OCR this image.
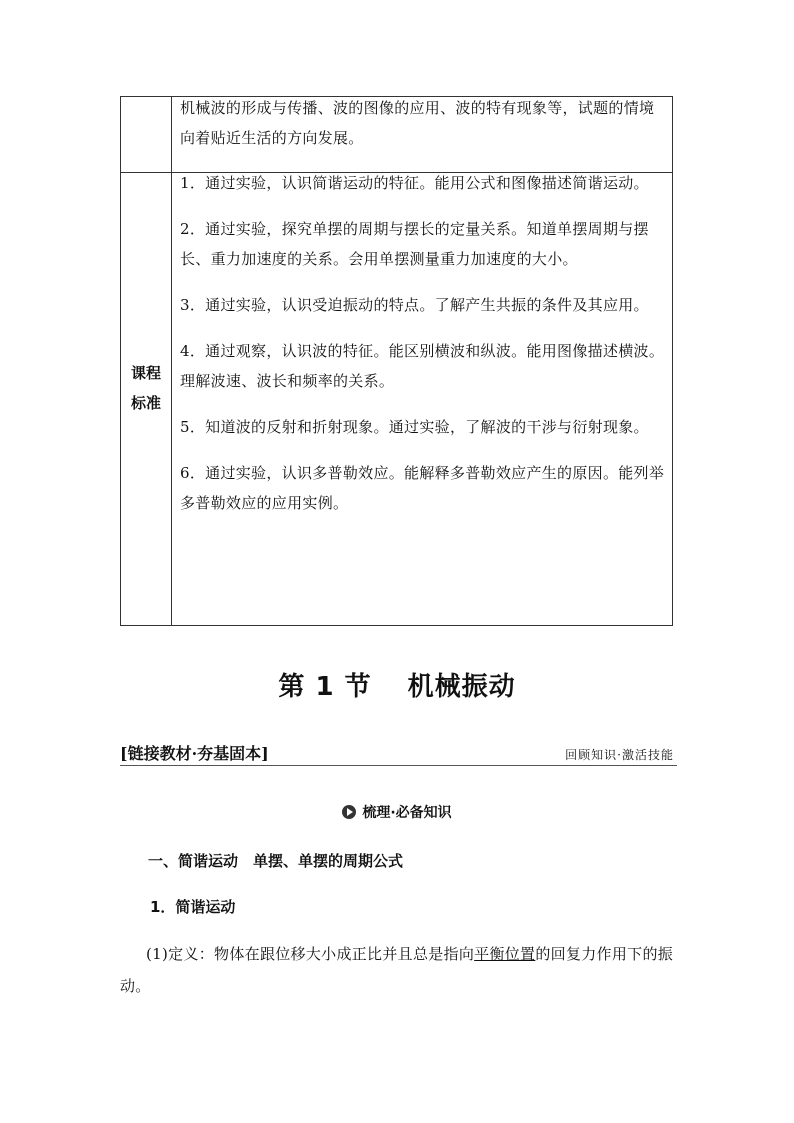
机械波的形成与传播、波的图像的应用、波的特有现象等，试题的情境向着贴近生活的方向发展。
课程
标准
1．通过实验，认识简谐运动的特征。能用公式和图像描述简谐运动。
2．通过实验，探究单摆的周期与摆长的定量关系。知道单摆周期与摆长、重力加速度的关系。会用单摆测量重力加速度的大小。
3．通过实验，认识受迫振动的特点。了解产生共振的条件及其应用。
4．通过观察，认识波的特征。能区别横波和纵波。能用图像描述横波。理解波速、波长和频率的关系。
5．知道波的反射和折射现象。通过实验，了解波的干涉与衍射现象。
6．通过实验，认识多普勒效应。能解释多普勒效应产生的原因。能列举多普勒效应的应用实例。
第 1 节 机械振动
[链接教材·夯基固本]	回顾知识·激活技能
梳理·必备知识
一、简谐运动　单摆、单摆的周期公式
1．简谐运动
(1)定义：物体在跟位移大小成正比并且总是指向平衡位置的回复力作用下的振动。
